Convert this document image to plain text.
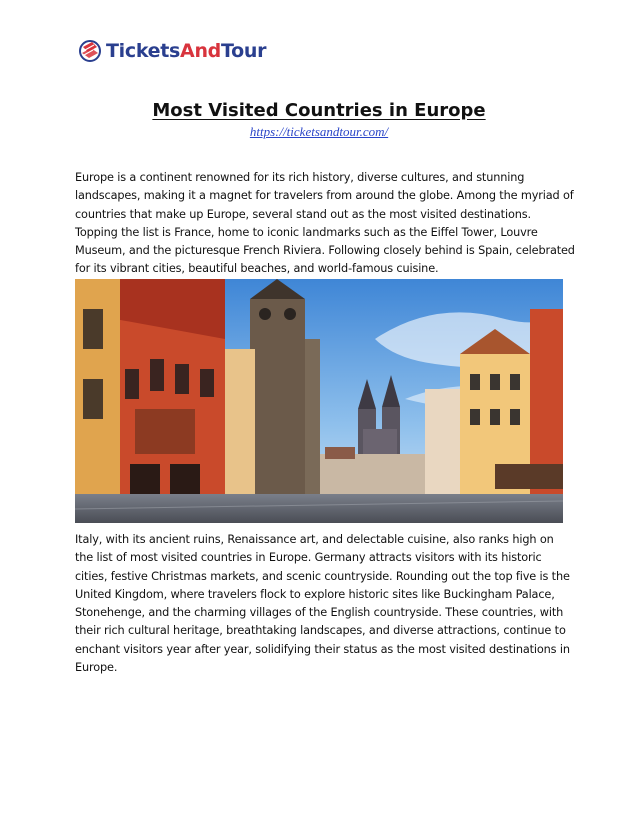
TicketsAndTour
Most Visited Countries in Europe
https://ticketsandtour.com/

Europe is a continent renowned for its rich history, diverse cultures, and stunning landscapes, making it a magnet for travelers from around the globe. Among the myriad of countries that make up Europe, several stand out as the most visited destinations. Topping the list is France, home to iconic landmarks such as the Eiffel Tower, Louvre Museum, and the picturesque French Riviera. Following closely behind is Spain, celebrated for its vibrant cities, beautiful beaches, and world-famous cuisine.

Italy, with its ancient ruins, Renaissance art, and delectable cuisine, also ranks high on the list of most visited countries in Europe. Germany attracts visitors with its historic cities, festive Christmas markets, and scenic countryside. Rounding out the top five is the United Kingdom, where travelers flock to explore historic sites like Buckingham Palace, Stonehenge, and the charming villages of the English countryside. These countries, with their rich cultural heritage, breathtaking landscapes, and diverse attractions, continue to enchant visitors year after year, solidifying their status as the most visited destinations in Europe.
